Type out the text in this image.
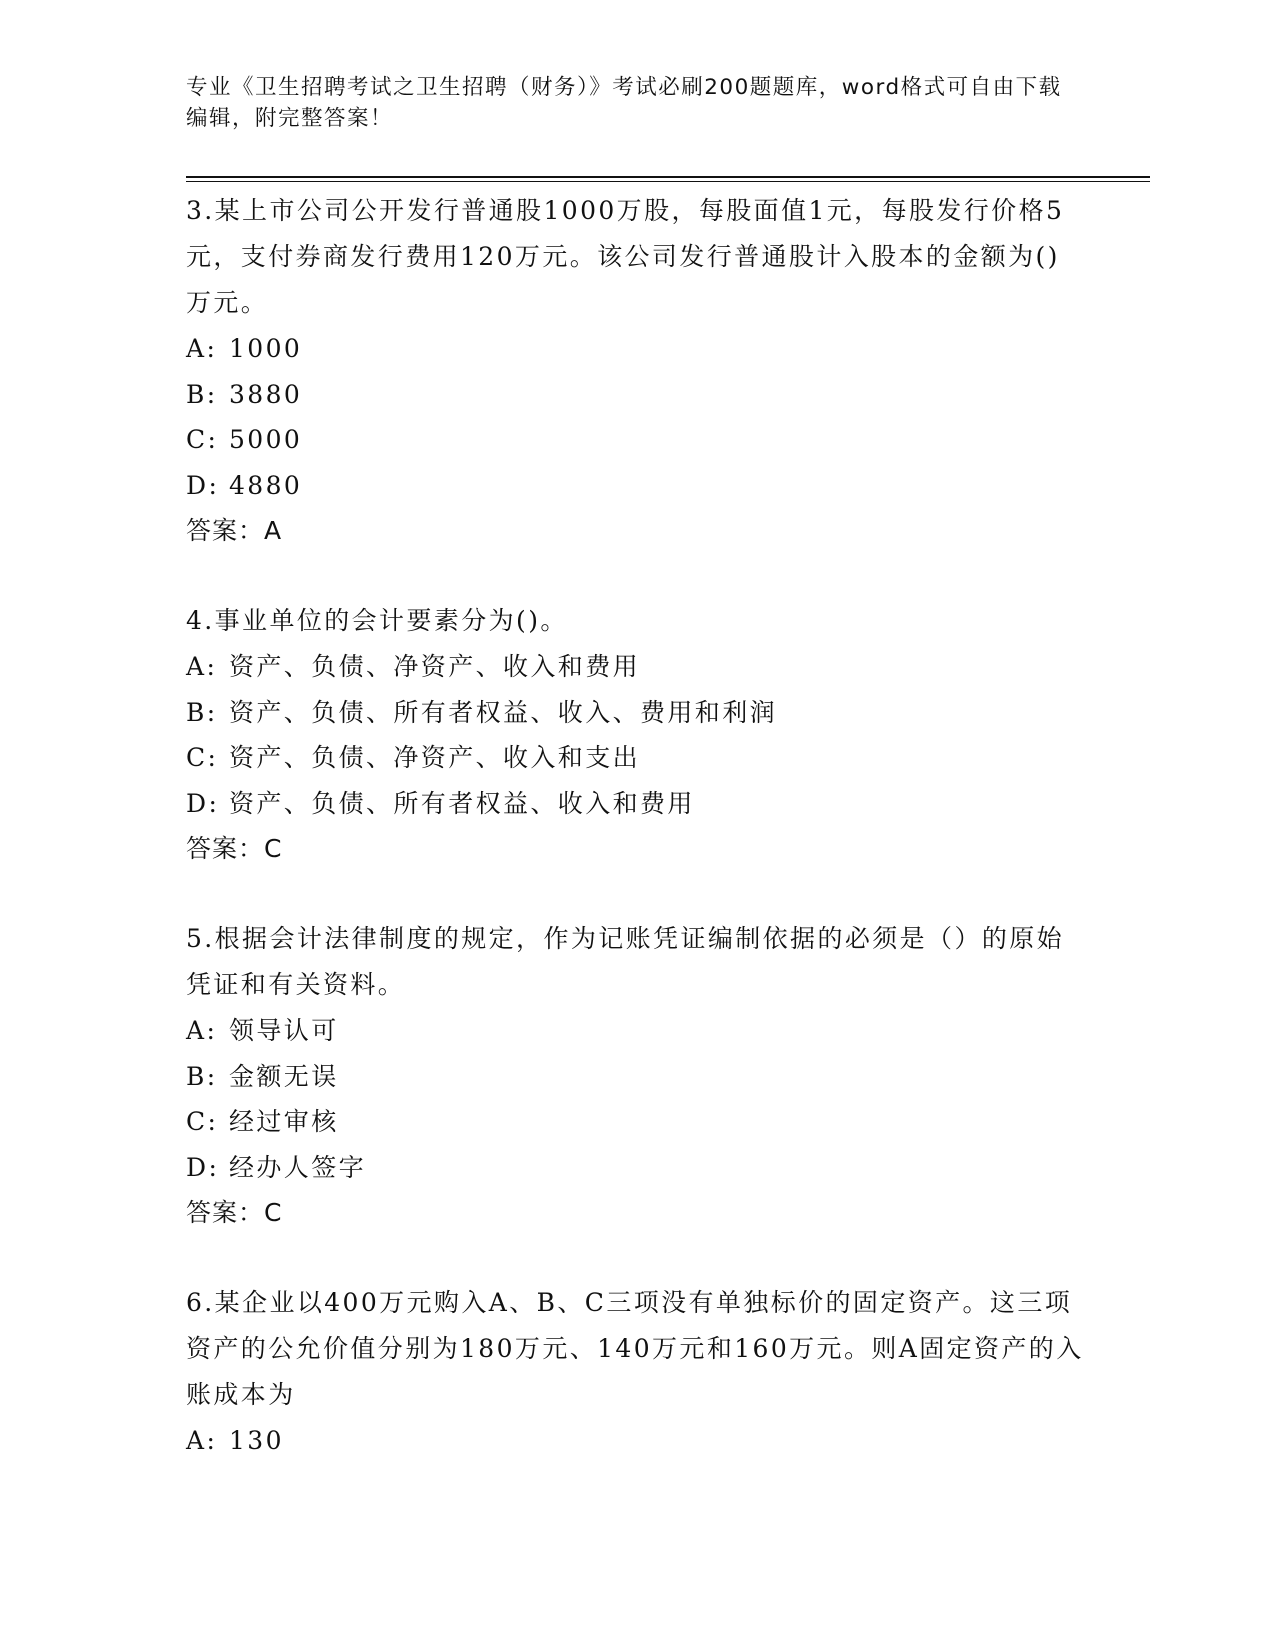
专业《卫生招聘考试之卫生招聘（财务）》考试必刷200题题库，word格式可自由下载编辑，附完整答案！

3.某上市公司公开发行普通股1000万股，每股面值1元，每股发行价格5元，支付券商发行费用120万元。该公司发行普通股计入股本的金额为()万元。

A: 1000

B: 3880

C: 5000

D: 4880

答案：A

4.事业单位的会计要素分为()。

A: 资产、负债、净资产、收入和费用

B: 资产、负债、所有者权益、收入、费用和利润

C: 资产、负债、净资产、收入和支出

D: 资产、负债、所有者权益、收入和费用

答案：C

5.根据会计法律制度的规定，作为记账凭证编制依据的必须是（）的原始凭证和有关资料。

A: 领导认可

B: 金额无误

C: 经过审核

D: 经办人签字

答案：C

6.某企业以400万元购入A、B、C三项没有单独标价的固定资产。这三项资产的公允价值分别为180万元、140万元和160万元。则A固定资产的入账成本为

A: 130
